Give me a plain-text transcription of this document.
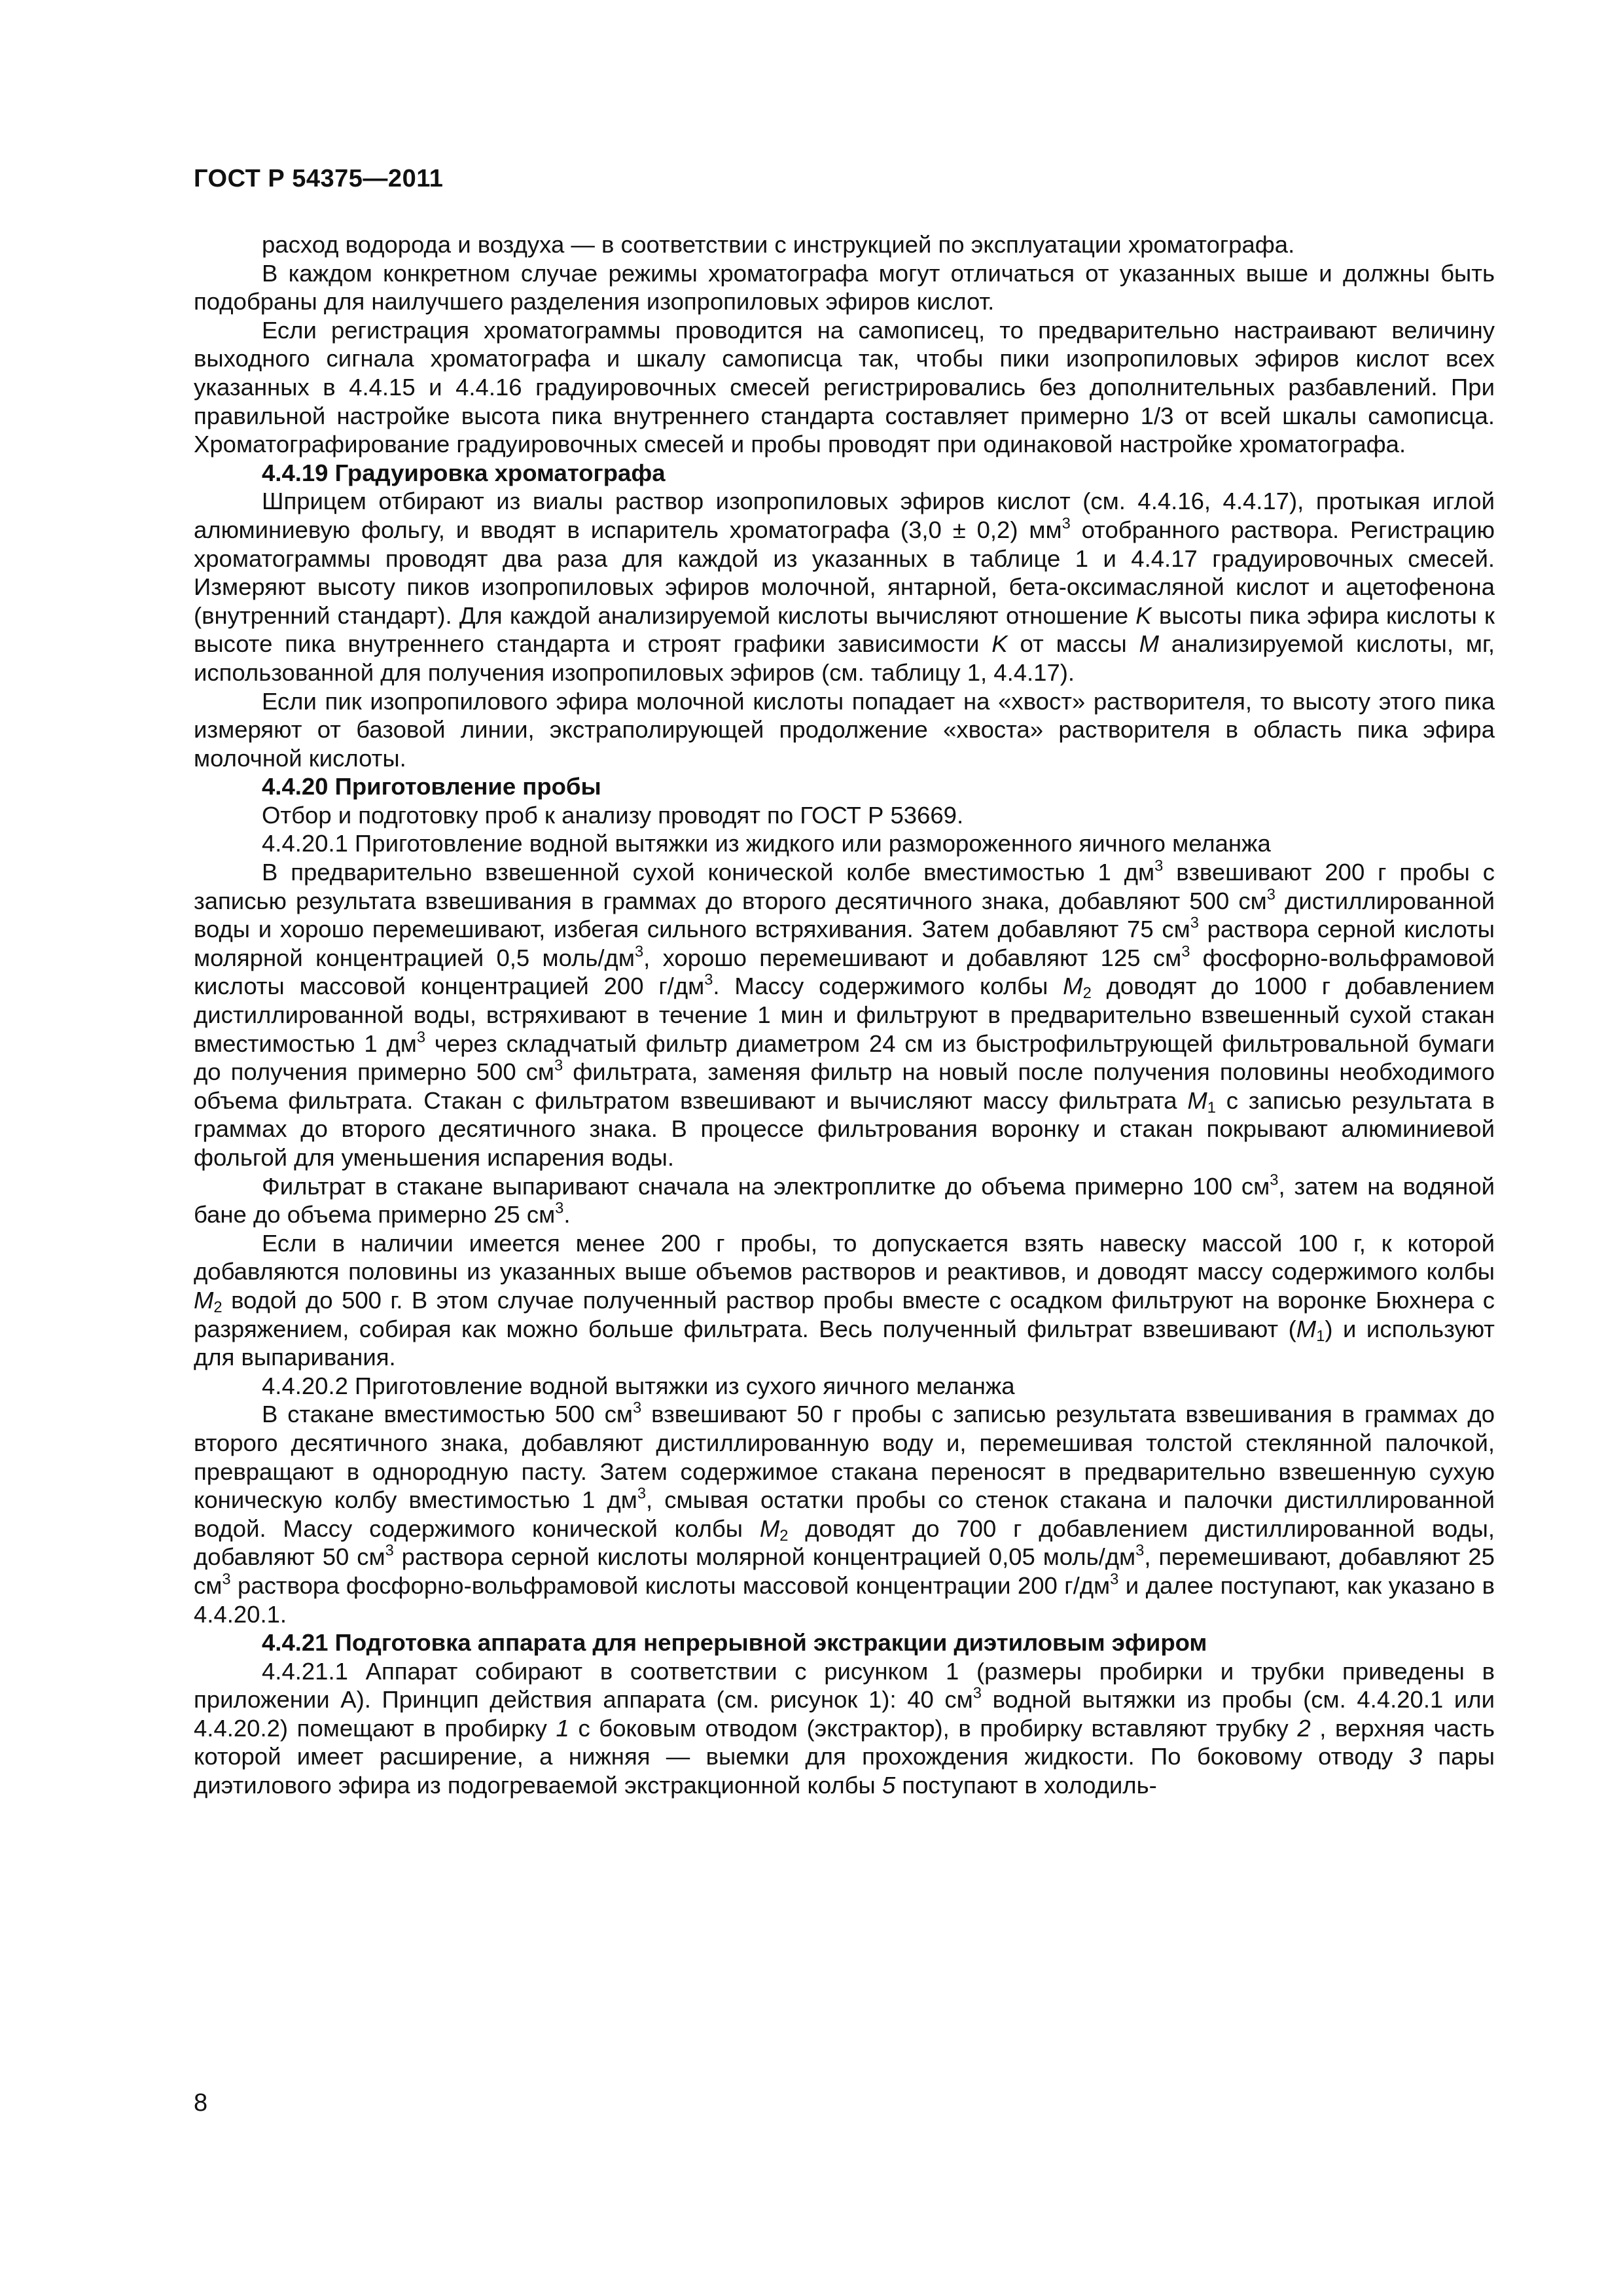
ГОСТ Р 54375—2011

расход водорода и воздуха — в соответствии с инструкцией по эксплуатации хроматографа.

В каждом конкретном случае режимы хроматографа могут отличаться от указанных выше и должны быть подобраны для наилучшего разделения изопропиловых эфиров кислот.

Если регистрация хроматограммы проводится на самописец, то предварительно настраивают величину выходного сигнала хроматографа и шкалу самописца так, чтобы пики изопропиловых эфиров кислот всех указанных в 4.4.15 и 4.4.16 градуировочных смесей регистрировались без дополнительных разбавлений. При правильной настройке высота пика внутреннего стандарта составляет примерно 1/3 от всей шкалы самописца. Хроматографирование градуировочных смесей и пробы проводят при одинаковой настройке хроматографа.

4.4.19 Градуировка хроматографа

Шприцем отбирают из виалы раствор изопропиловых эфиров кислот (см. 4.4.16, 4.4.17), протыкая иглой алюминиевую фольгу, и вводят в испаритель хроматографа (3,0 ± 0,2) $мм^3$ отобранного раствора. Регистрацию хроматограммы проводят два раза для каждой из указанных в таблице 1 и 4.4.17 градуировочных смесей. Измеряют высоту пиков изопропиловых эфиров молочной, янтарной, бета-оксимасляной кислот и ацетофенона (внутренний стандарт). Для каждой анализируемой кислоты вычисляют отношение K высоты пика эфира кислоты к высоте пика внутреннего стандарта и строят графики зависимости K от массы M анализируемой кислоты, мг, использованной для получения изопропиловых эфиров (см. таблицу 1, 4.4.17).

Если пик изопропилового эфира молочной кислоты попадает на «хвост» растворителя, то высоту этого пика измеряют от базовой линии, экстраполирующей продолжение «хвоста» растворителя в область пика эфира молочной кислоты.

4.4.20 Приготовление пробы

Отбор и подготовку проб к анализу проводят по ГОСТ Р 53669.

4.4.20.1 Приготовление водной вытяжки из жидкого или размороженного яичного меланжа

В предварительно взвешенной сухой конической колбе вместимостью 1 $дм^3$ взвешивают 200 г пробы с записью результата взвешивания в граммах до второго десятичного знака, добавляют 500 $см^3$ дистиллированной воды и хорошо перемешивают, избегая сильного встряхивания. Затем добавляют 75 $см^3$ раствора серной кислоты молярной концентрацией 0,5 моль/$дм^3$, хорошо перемешивают и добавляют 125 $см^3$ фосфорно-вольфрамовой кислоты массовой концентрацией 200 $г/дм^3$. Массу содержимого колбы $M_2$ доводят до 1000 г добавлением дистиллированной воды, встряхивают в течение 1 мин и фильтруют в предварительно взвешенный сухой стакан вместимостью 1 $дм^3$ через складчатый фильтр диаметром 24 см из быстрофильтрующей фильтровальной бумаги до получения примерно 500 $см^3$ фильтрата, заменяя фильтр на новый после получения половины необходимого объема фильтрата. Стакан с фильтратом взвешивают и вычисляют массу фильтрата $M_1$ с записью результата в граммах до второго десятичного знака. В процессе фильтрования воронку и стакан покрывают алюминиевой фольгой для уменьшения испарения воды.

Фильтрат в стакане выпаривают сначала на электроплитке до объема примерно 100 $см^3$, затем на водяной бане до объема примерно 25 $см^3$.

Если в наличии имеется менее 200 г пробы, то допускается взять навеску массой 100 г, к которой добавляются половины из указанных выше объемов растворов и реактивов, и доводят массу содержимого колбы $M_2$ водой до 500 г. В этом случае полученный раствор пробы вместе с осадком фильтруют на воронке Бюхнера с разряжением, собирая как можно больше фильтрата. Весь полученный фильтрат взвешивают $(M_1)$ и используют для выпаривания.

4.4.20.2 Приготовление водной вытяжки из сухого яичного меланжа

В стакане вместимостью 500 $см^3$ взвешивают 50 г пробы с записью результата взвешивания в граммах до второго десятичного знака, добавляют дистиллированную воду и, перемешивая толстой стеклянной палочкой, превращают в однородную пасту. Затем содержимое стакана переносят в предварительно взвешенную сухую коническую колбу вместимостью 1 $дм^3$, смывая остатки пробы со стенок стакана и палочки дистиллированной водой. Массу содержимого конической колбы $M_2$ доводят до 700 г добавлением дистиллированной воды, добавляют 50 $см^3$ раствора серной кислоты молярной концентрацией 0,05 моль/$дм^3$, перемешивают, добавляют 25 $см^3$ раствора фосфорно-вольфрамовой кислоты массовой концентрации 200 $г/дм^3$ и далее поступают, как указано в 4.4.20.1.

4.4.21 Подготовка аппарата для непрерывной экстракции диэтиловым эфиром

4.4.21.1 Аппарат собирают в соответствии с рисунком 1 (размеры пробирки и трубки приведены в приложении А). Принцип действия аппарата (см. рисунок 1): 40 $см^3$ водной вытяжки из пробы (см. 4.4.20.1 или 4.4.20.2) помещают в пробирку 1 с боковым отводом (экстрактор), в пробирку вставляют трубку 2 , верхняя часть которой имеет расширение, а нижняя — выемки для прохождения жидкости. По боковому отводу 3 пары диэтилового эфира из подогреваемой экстракционной колбы 5 поступают в холодиль-

8
